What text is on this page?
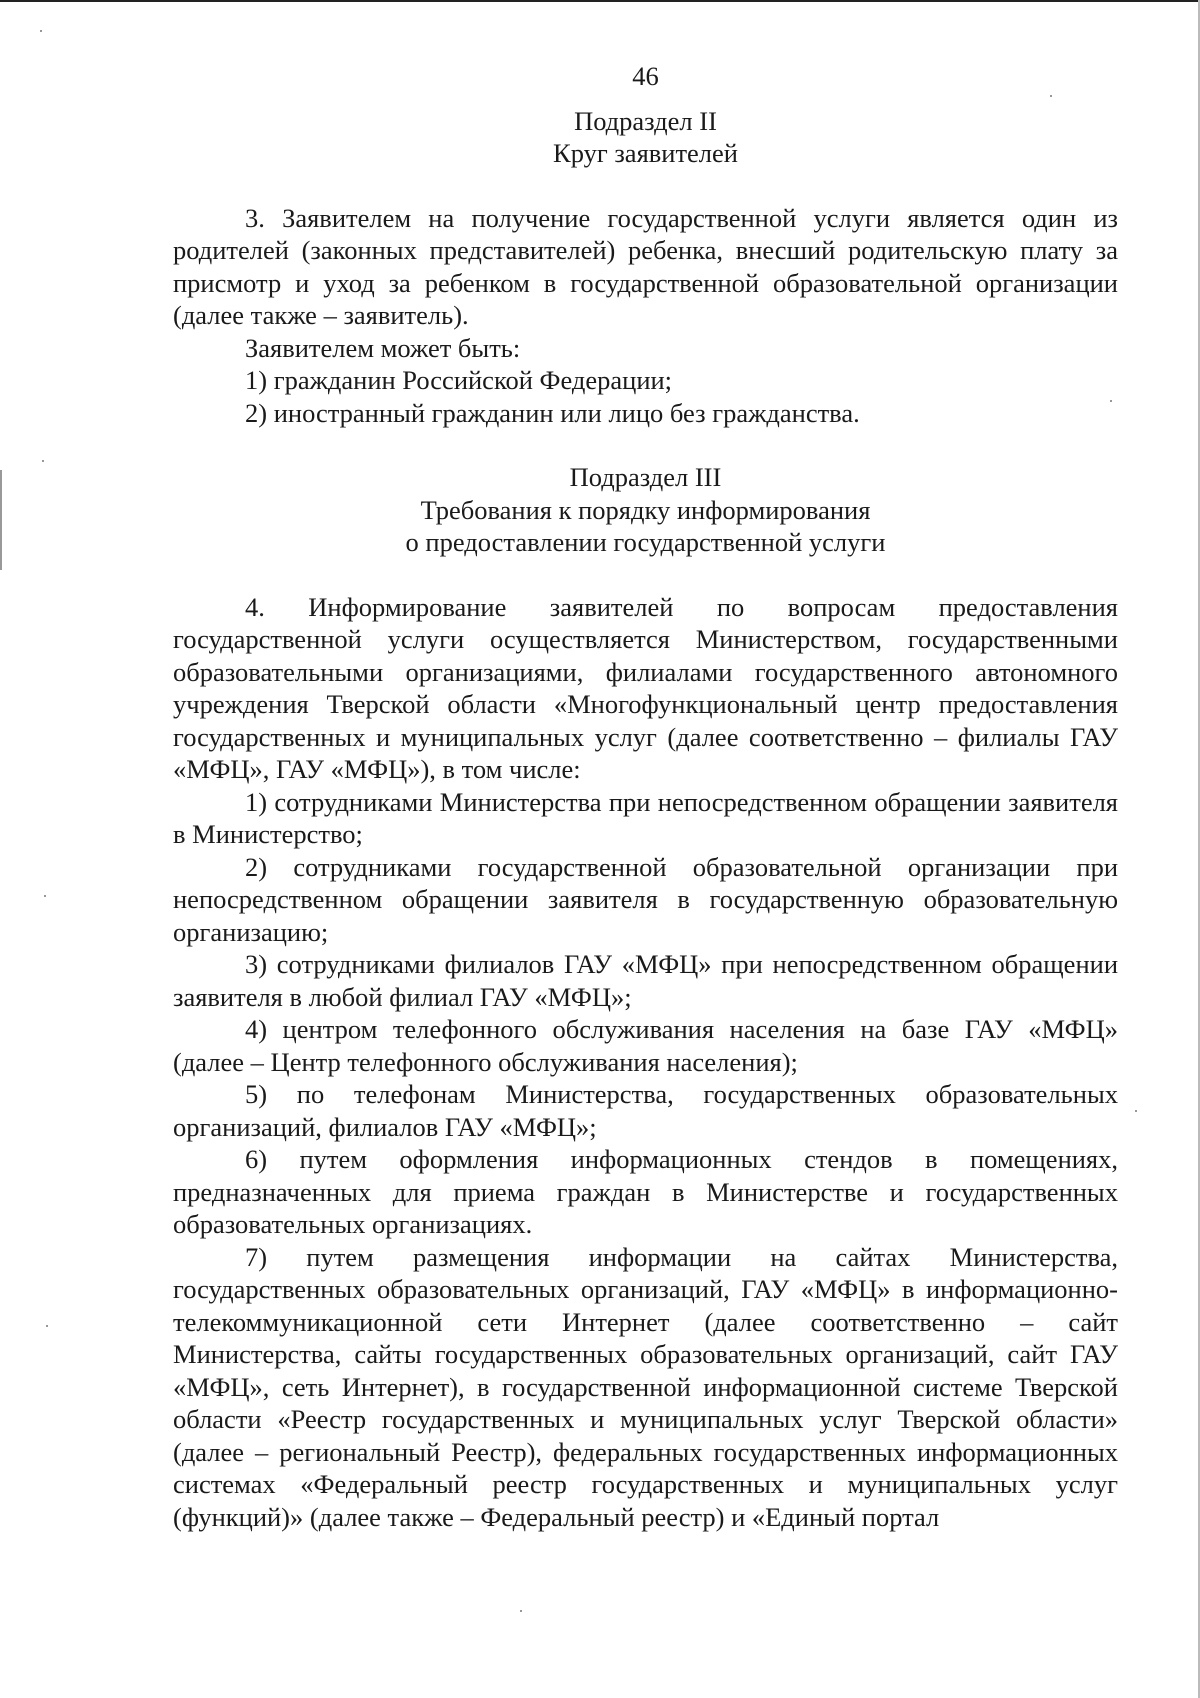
46

Подраздел II

Круг заявителей

3. Заявителем на получение государственной услуги является один из родителей (законных представителей) ребенка, внесший родительскую плату за присмотр и уход за ребенком в государственной образовательной организации (далее также – заявитель).

Заявителем может быть:

1) гражданин Российской Федерации;

2) иностранный гражданин или лицо без гражданства.

Подраздел III

Требования к порядку информирования

о предоставлении государственной услуги

4. Информирование заявителей по вопросам предоставления государственной услуги осуществляется Министерством, государственными образовательными организациями, филиалами государственного автономного учреждения Тверской области «Многофункциональный центр предоставления государственных и муниципальных услуг (далее соответственно – филиалы ГАУ «МФЦ», ГАУ «МФЦ»), в том числе:

1) сотрудниками Министерства при непосредственном обращении заявителя в Министерство;

2) сотрудниками государственной образовательной организации при непосредственном обращении заявителя в государственную образовательную организацию;

3) сотрудниками филиалов ГАУ «МФЦ» при непосредственном обращении заявителя в любой филиал ГАУ «МФЦ»;

4) центром телефонного обслуживания населения на базе ГАУ «МФЦ» (далее – Центр телефонного обслуживания населения);

5) по телефонам Министерства, государственных образовательных организаций, филиалов ГАУ «МФЦ»;

6) путем оформления информационных стендов в помещениях, предназначенных для приема граждан в Министерстве и государственных образовательных организациях.

7) путем размещения информации на сайтах Министерства, государственных образовательных организаций, ГАУ «МФЦ» в информационно-телекоммуникационной сети Интернет (далее соответственно – сайт Министерства, сайты государственных образовательных организаций, сайт ГАУ «МФЦ», сеть Интернет), в государственной информационной системе Тверской области «Реестр государственных и муниципальных услуг Тверской области» (далее – региональный Реестр), федеральных государственных информационных системах «Федеральный реестр государственных и муниципальных услуг (функций)» (далее также – Федеральный реестр) и «Единый портал
